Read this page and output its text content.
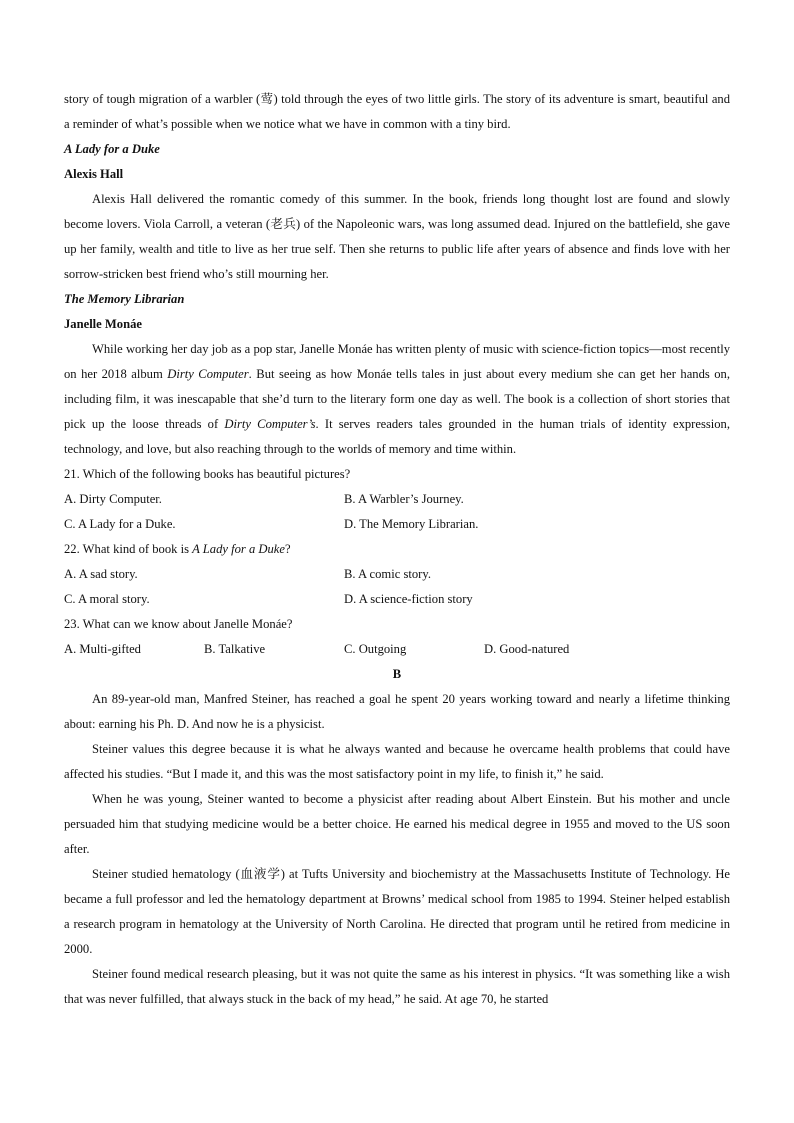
story of tough migration of a warbler (莺) told through the eyes of two little girls. The story of its adventure is smart, beautiful and a reminder of what’s possible when we notice what we have in common with a tiny bird.

A Lady for a Duke

Alexis Hall

Alexis Hall delivered the romantic comedy of this summer. In the book, friends long thought lost are found and slowly become lovers. Viola Carroll, a veteran (老兵) of the Napoleonic wars, was long assumed dead. Injured on the battlefield, she gave up her family, wealth and title to live as her true self. Then she returns to public life after years of absence and finds love with her sorrow-stricken best friend who’s still mourning her.

The Memory Librarian

Janelle Monáe

While working her day job as a pop star, Janelle Monáe has written plenty of music with science-fiction topics—most recently on her 2018 album Dirty Computer. But seeing as how Monáe tells tales in just about every medium she can get her hands on, including film, it was inescapable that she’d turn to the literary form one day as well. The book is a collection of short stories that pick up the loose threads of Dirty Computer’s. It serves readers tales grounded in the human trials of identity expression, technology, and love, but also reaching through to the worlds of memory and time within.

21. Which of the following books has beautiful pictures?

A. Dirty Computer.	B. A Warbler’s Journey.
C. A Lady for a Duke.	D. The Memory Librarian.

22. What kind of book is A Lady for a Duke?

A. A sad story.	B. A comic story.
C. A moral story.	D. A science-fiction story

23. What can we know about Janelle Monáe?

A. Multi-gifted	B. Talkative	C. Outgoing	D. Good-natured

B

An 89-year-old man, Manfred Steiner, has reached a goal he spent 20 years working toward and nearly a lifetime thinking about: earning his Ph. D. And now he is a physicist.

Steiner values this degree because it is what he always wanted and because he overcame health problems that could have affected his studies. “But I made it, and this was the most satisfactory point in my life, to finish it,” he said.

When he was young, Steiner wanted to become a physicist after reading about Albert Einstein. But his mother and uncle persuaded him that studying medicine would be a better choice. He earned his medical degree in 1955 and moved to the US soon after.

Steiner studied hematology (血液学) at Tufts University and biochemistry at the Massachusetts Institute of Technology. He became a full professor and led the hematology department at Browns’ medical school from 1985 to 1994. Steiner helped establish a research program in hematology at the University of North Carolina. He directed that program until he retired from medicine in 2000.

Steiner found medical research pleasing, but it was not quite the same as his interest in physics. “It was something like a wish that was never fulfilled, that always stuck in the back of my head,” he said. At age 70, he started
